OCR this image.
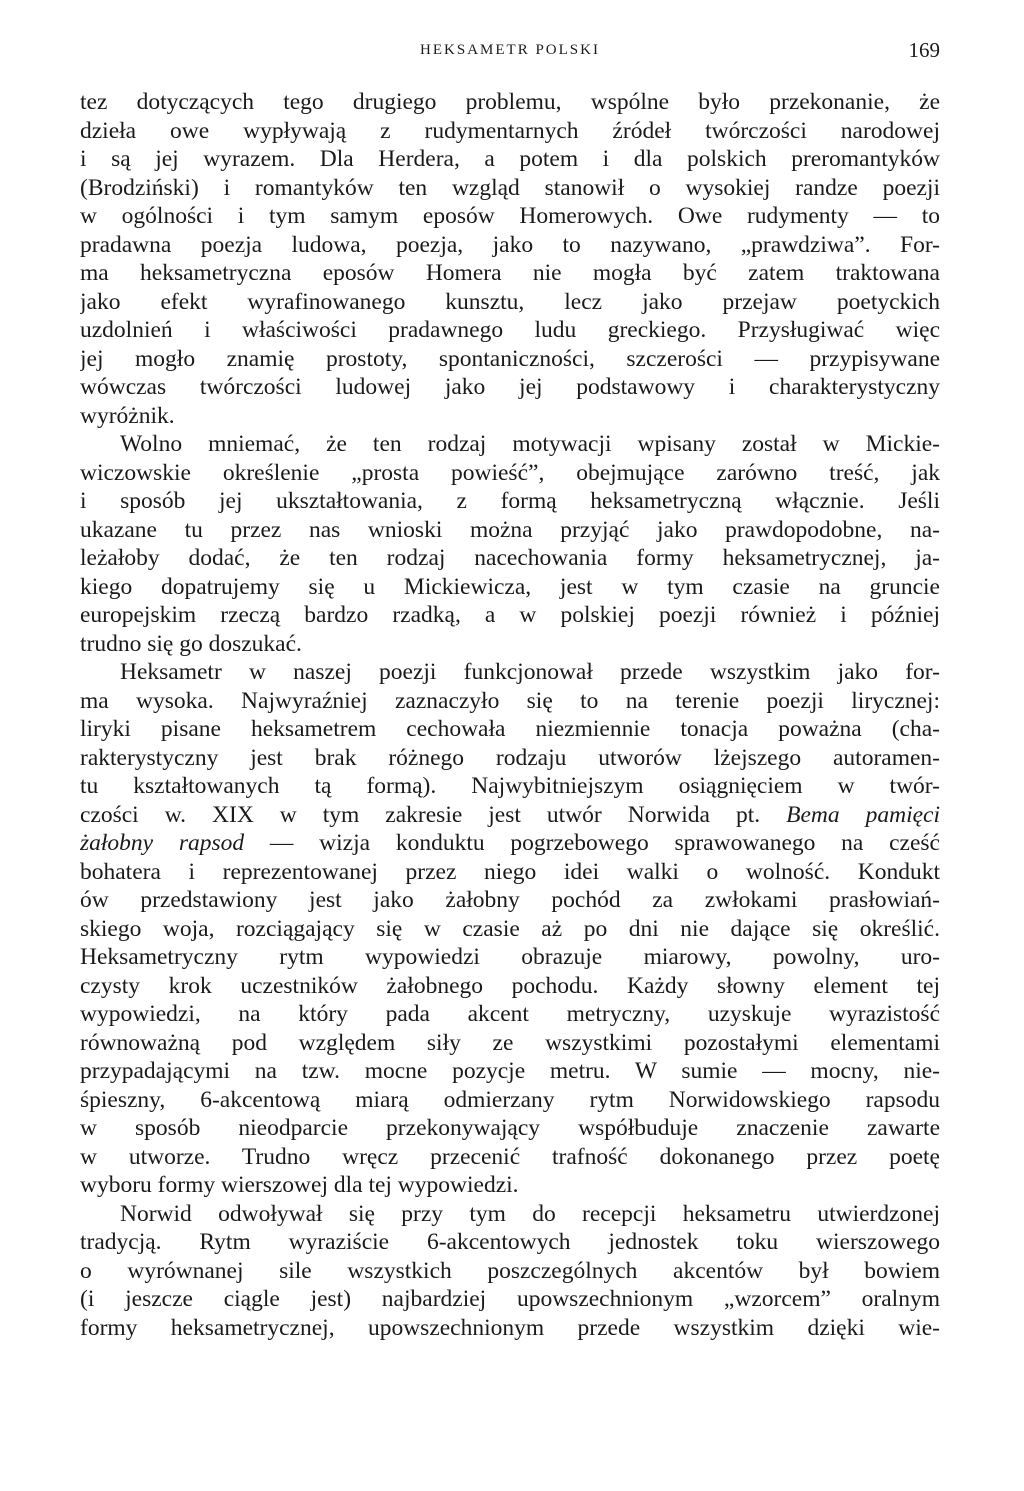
HEKSAMETR POLSKI	169
tez dotyczących tego drugiego problemu, wspólne było przekonanie, że
dzieła owe wypływają z rudymentarnych źródeł twórczości narodowej
i są jej wyrazem. Dla Herdera, a potem i dla polskich preromantyków
(Brodziński) i romantyków ten wzgląd stanowił o wysokiej randze poezji
w ogólności i tym samym eposów Homerowych. Owe rudymenty — to
pradawna poezja ludowa, poezja, jako to nazywano, „prawdziwa”. For-
ma heksametryczna eposów Homera nie mogła być zatem traktowana
jako efekt wyrafinowanego kunsztu, lecz jako przejaw poetyckich
uzdolnień i właściwości pradawnego ludu greckiego. Przysługiwać więc
jej mogło znamię prostoty, spontaniczności, szczerości — przypisywane
wówczas twórczości ludowej jako jej podstawowy i charakterystyczny
wyróżnik.
Wolno mniemać, że ten rodzaj motywacji wpisany został w Mickie-
wiczowskie określenie „prosta powieść”, obejmujące zarówno treść, jak
i sposób jej ukształtowania, z formą heksametryczną włącznie. Jeśli
ukazane tu przez nas wnioski można przyjąć jako prawdopodobne, na-
leżałoby dodać, że ten rodzaj nacechowania formy heksametrycznej, ja-
kiego dopatrujemy się u Mickiewicza, jest w tym czasie na gruncie
europejskim rzeczą bardzo rzadką, a w polskiej poezji również i później
trudno się go doszukać.
Heksametr w naszej poezji funkcjonował przede wszystkim jako for-
ma wysoka. Najwyraźniej zaznaczyło się to na terenie poezji lirycznej:
liryki pisane heksametrem cechowała niezmiennie tonacja poważna (cha-
rakterystyczny jest brak różnego rodzaju utworów lżejszego autoramen-
tu kształtowanych tą formą). Najwybitniejszym osiągnięciem w twór-
czości w. XIX w tym zakresie jest utwór Norwida pt. Bema pamięci
żałobny rapsod — wizja konduktu pogrzebowego sprawowanego na cześć
bohatera i reprezentowanej przez niego idei walki o wolność. Kondukt
ów przedstawiony jest jako żałobny pochód za zwłokami prasłowiań-
skiego woja, rozciągający się w czasie aż po dni nie dające się określić.
Heksametryczny rytm wypowiedzi obrazuje miarowy, powolny, uro-
czysty krok uczestników żałobnego pochodu. Każdy słowny element tej
wypowiedzi, na który pada akcent metryczny, uzyskuje wyrazistość
równoważną pod względem siły ze wszystkimi pozostałymi elementami
przypadającymi na tzw. mocne pozycje metru. W sumie — mocny, nie-
śpieszny, 6-akcentową miarą odmierzany rytm Norwidowskiego rapsodu
w sposób nieodparcie przekonywający współbuduje znaczenie zawarte
w utworze. Trudno wręcz przecenić trafność dokonanego przez poetę
wyboru formy wierszowej dla tej wypowiedzi.
Norwid odwoływał się przy tym do recepcji heksametru utwierdzonej
tradycją. Rytm wyraziście 6-akcentowych jednostek toku wierszowego
o wyrównanej sile wszystkich poszczególnych akcentów był bowiem
(i jeszcze ciągle jest) najbardziej upowszechnionym „wzorcem” oralnym
formy heksametrycznej, upowszechnionym przede wszystkim dzięki wie-
